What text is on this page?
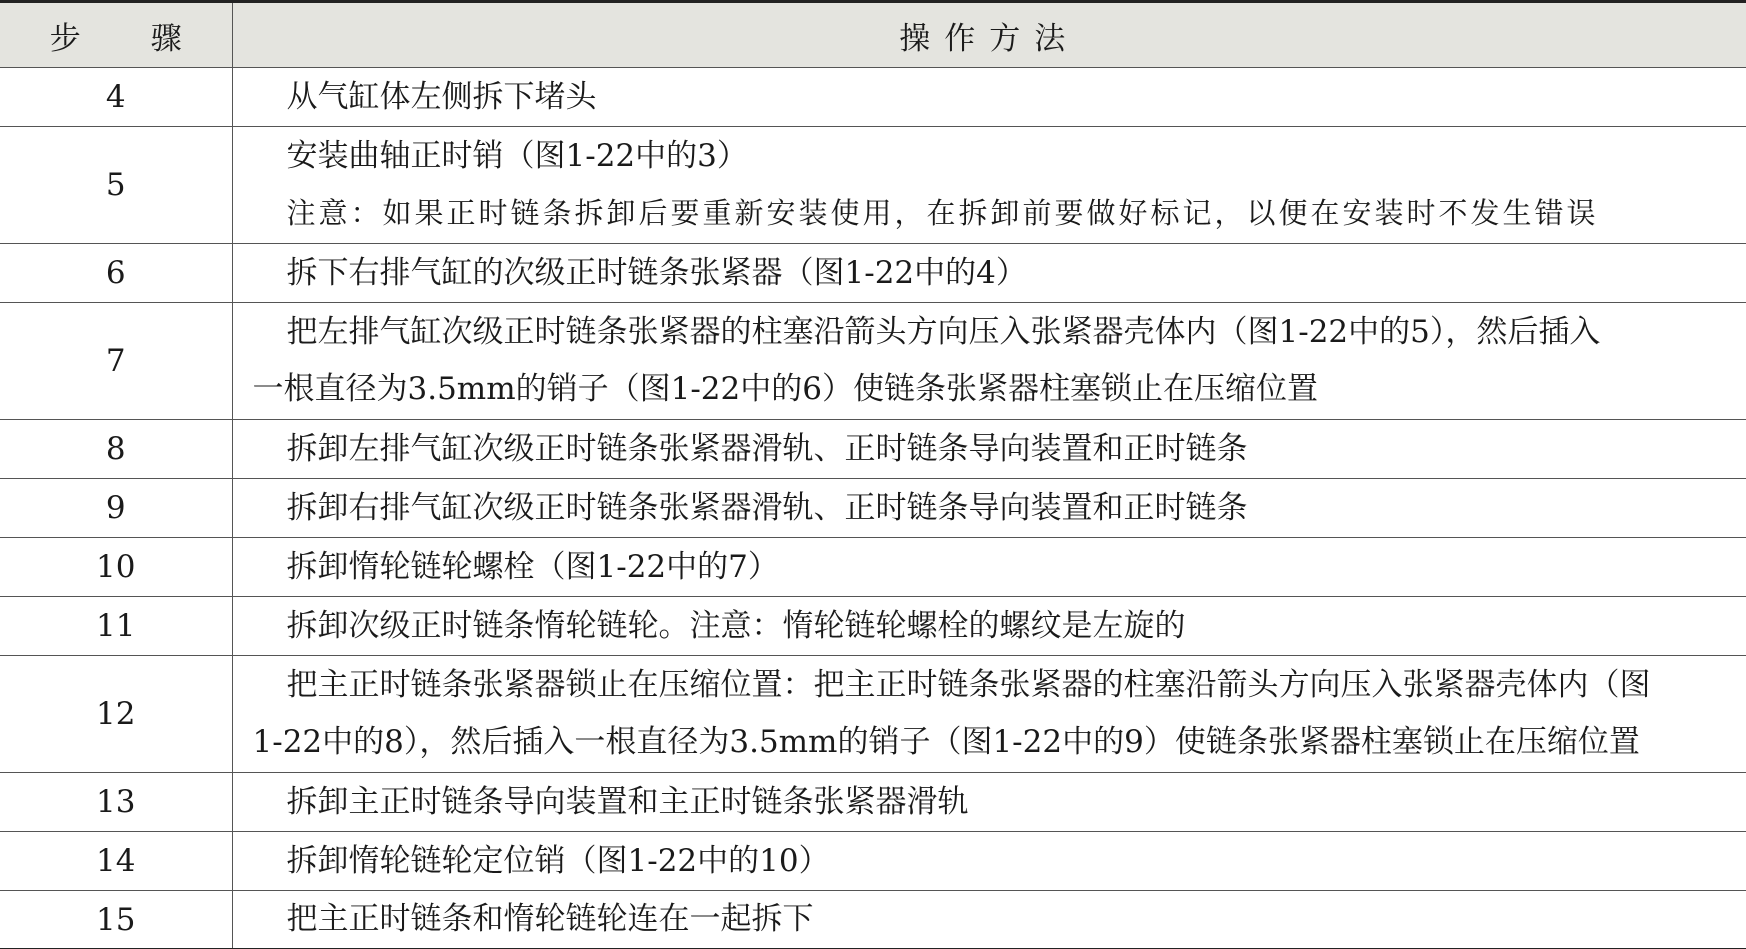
步 骤	操作方法
4	从气缸体左侧拆下堵头

5	安装曲轴正时销（图1-22中的3）
注意：如果正时链条拆卸后要重新安装使用，在拆卸前要做好标记，以便在安装时不发生错误

6	拆下右排气缸的次级正时链条张紧器（图1-22中的4）

7	把左排气缸次级正时链条张紧器的柱塞沿箭头方向压入张紧器壳体内（图1-22中的5），然后插入
一根直径为3.5mm的销子（图1-22中的6）使链条张紧器柱塞锁止在压缩位置

8	拆卸左排气缸次级正时链条张紧器滑轨、正时链条导向装置和正时链条

9	拆卸右排气缸次级正时链条张紧器滑轨、正时链条导向装置和正时链条

10	拆卸惰轮链轮螺栓（图1-22中的7）

11	拆卸次级正时链条惰轮链轮。注意：惰轮链轮螺栓的螺纹是左旋的

12	把主正时链条张紧器锁止在压缩位置：把主正时链条张紧器的柱塞沿箭头方向压入张紧器壳体内（图
1-22中的8），然后插入一根直径为3.5mm的销子（图1-22中的9）使链条张紧器柱塞锁止在压缩位置

13	拆卸主正时链条导向装置和主正时链条张紧器滑轨

14	拆卸惰轮链轮定位销（图1-22中的10）

15	把主正时链条和惰轮链轮连在一起拆下
